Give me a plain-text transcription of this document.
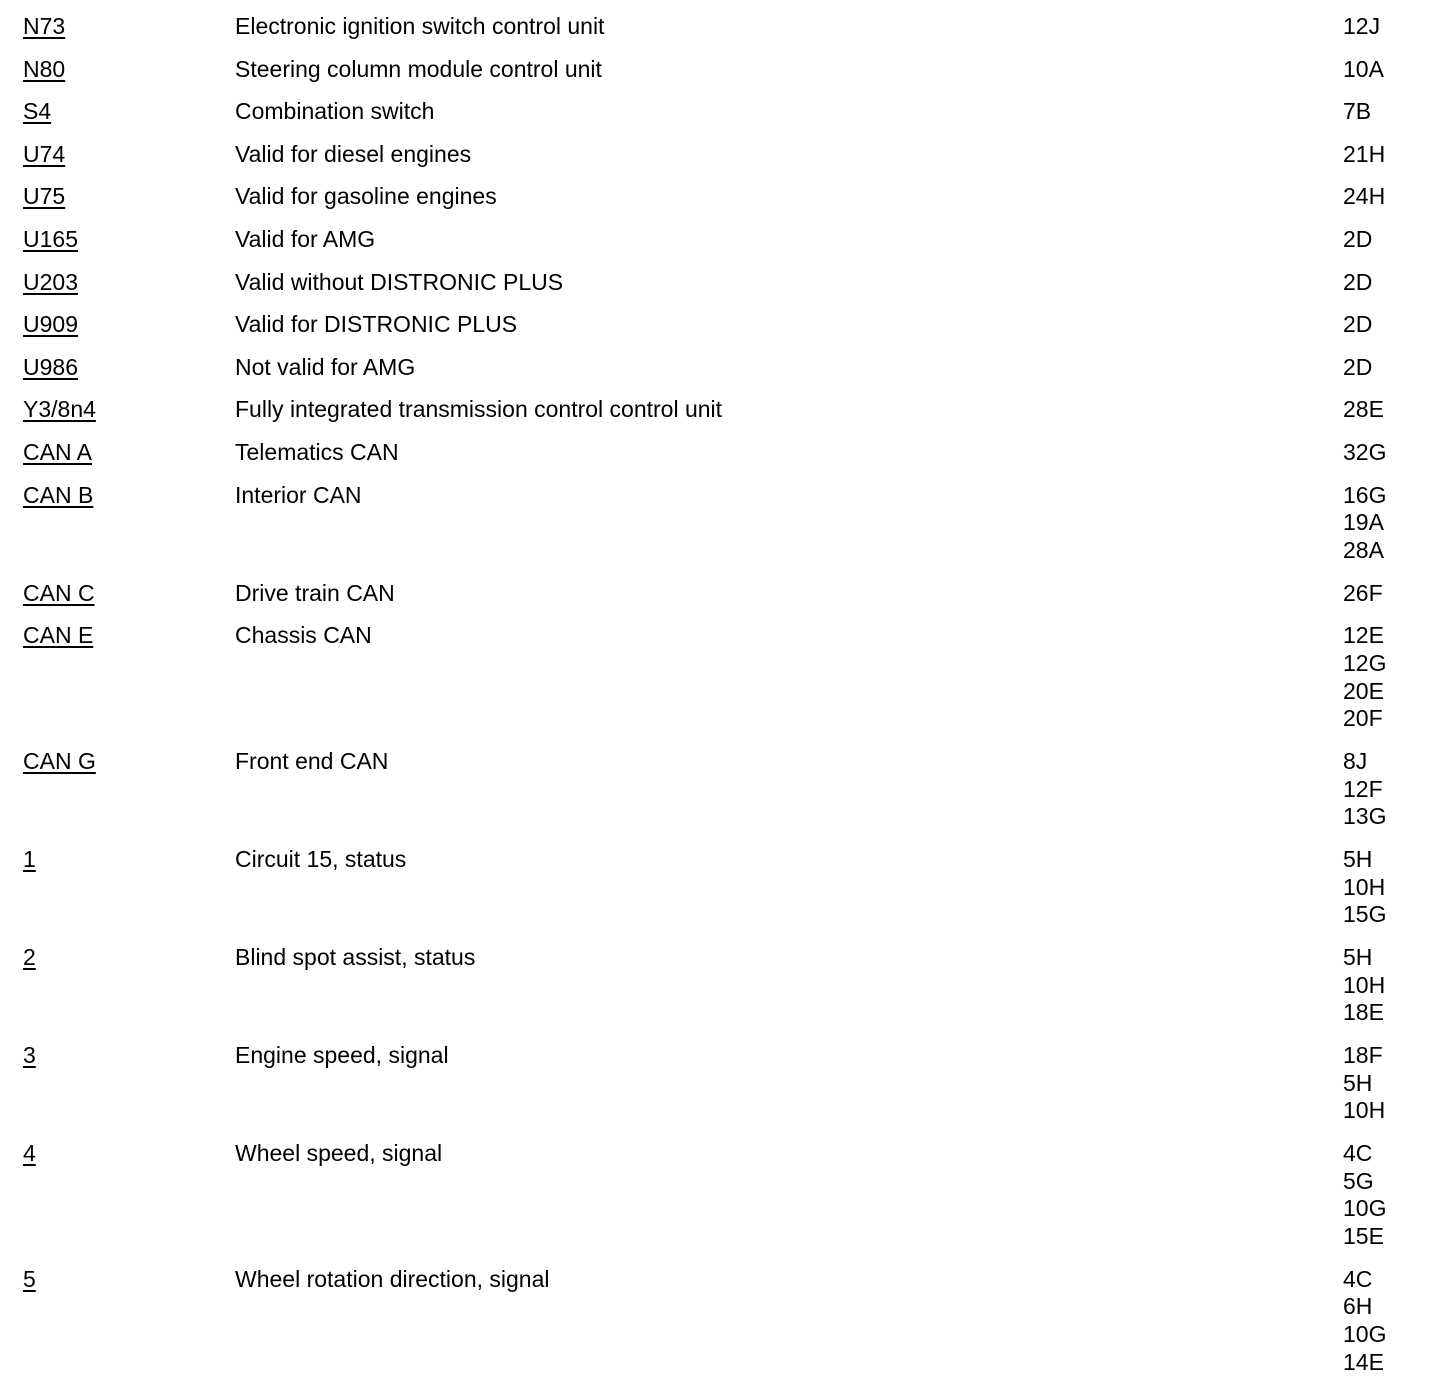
N73	Electronic ignition switch control unit	12J
N80	Steering column module control unit	10A
S4	Combination switch	7B
U74	Valid for diesel engines	21H
U75	Valid for gasoline engines	24H
U165	Valid for AMG	2D
U203	Valid without DISTRONIC PLUS	2D
U909	Valid for DISTRONIC PLUS	2D
U986	Not valid for AMG	2D
Y3/8n4	Fully integrated transmission control control unit	28E
CAN A	Telematics CAN	32G
CAN B	Interior CAN	16G
19A
28A
CAN C	Drive train CAN	26F
CAN E	Chassis CAN	12E
12G
20E
20F
CAN G	Front end CAN	8J
12F
13G
1	Circuit 15, status	5H
10H
15G
2	Blind spot assist, status	5H
10H
18E
3	Engine speed, signal	18F
5H
10H
4	Wheel speed, signal	4C
5G
10G
15E
5	Wheel rotation direction, signal	4C
6H
10G
14E
